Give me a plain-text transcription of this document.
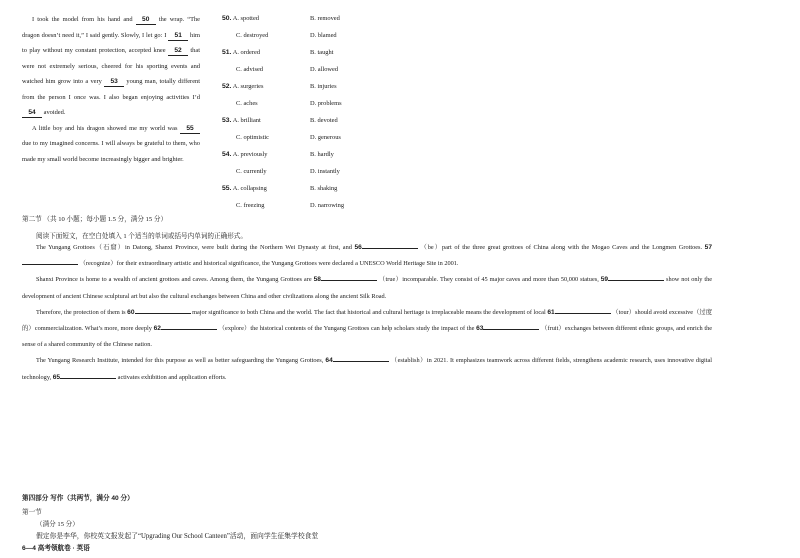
I took the model from his hand and 50 the wrap. “The dragon doesn’t need it,” I said gently. Slowly, I let go: I 51 him to play without my constant protection, accepted knee 52 that were not extremely serious, cheered for his sporting events and watched him grow into a very 53 young man, totally different from the person I once was. I also began enjoying activities I’d 54 avoided.

A little boy and his dragon showed me my world was 55 due to my imagined concerns. I will always be grateful to them, who made my small world become increasingly bigger and brighter.

50. A. spotted	B. removed
C. destroyed	D. blamed
51. A. ordered	B. taught
C. advised	D. allowed
52. A. surgeries	B. injuries
C. aches	D. problems
53. A. brilliant	B. devoted
C. optimistic	D. generous
54. A. previously	B. hardly
C. currently	D. instantly
55. A. collapsing	B. shaking
C. freezing	D. narrowing
第二节 （共 10 小题；每小题 1.5 分，满分 15 分）
阅读下面短文，在空白处填入 1 个适当的单词或括号内单词的正确形式。

The Yungang Grottoes（石窟）in Datong, Shanxi Province, were built during the Northern Wei Dynasty at first, and 56	（be）part of the three great grottoes of China along with the Mogao Caves and the Longmen Grottoes. 57 （recognize）for their extraordinary artistic and historical significance, the Yungang Grottoes were declared a UNESCO World Heritage Site in 2001.

Shanxi Province is home to a wealth of ancient grottoes and caves. Among them, the Yungang Grottoes are 58	（true）incomparable. They consist of 45 major caves and more than 50,000 statues, 59	show not only the development of ancient Chinese sculptural art but also the cultural exchanges between China and other civilizations along the ancient Silk Road.

Therefore, the protection of them is 60	major significance to both China and the world. The fact that historical and cultural heritage is irreplaceable means the development of local 61	（tour）should avoid excessive（过度的）commercialization. What’s more, more deeply 62	（explore）the historical contents of the Yungang Grottoes can help scholars study the impact of the 63	（fruit）exchanges between different ethnic groups, and enrich the sense of a shared community of the Chinese nation.

The Yungang Research Institute, intended for this purpose as well as better safeguarding the Yungang Grottoes, 64	（establish）in 2021. It emphasizes teamwork across different fields, strengthens academic research, uses innovative digital technology, 65	activates exhibition and application efforts.

第四部分 写作（共两节，满分 40 分）
第一节
（满分 15 分）
假定你是李华，你校英文报发起了“Upgrading Our School Canteen”活动，面向学生征集学校食堂
6—4 高考领航卷 · 英语
